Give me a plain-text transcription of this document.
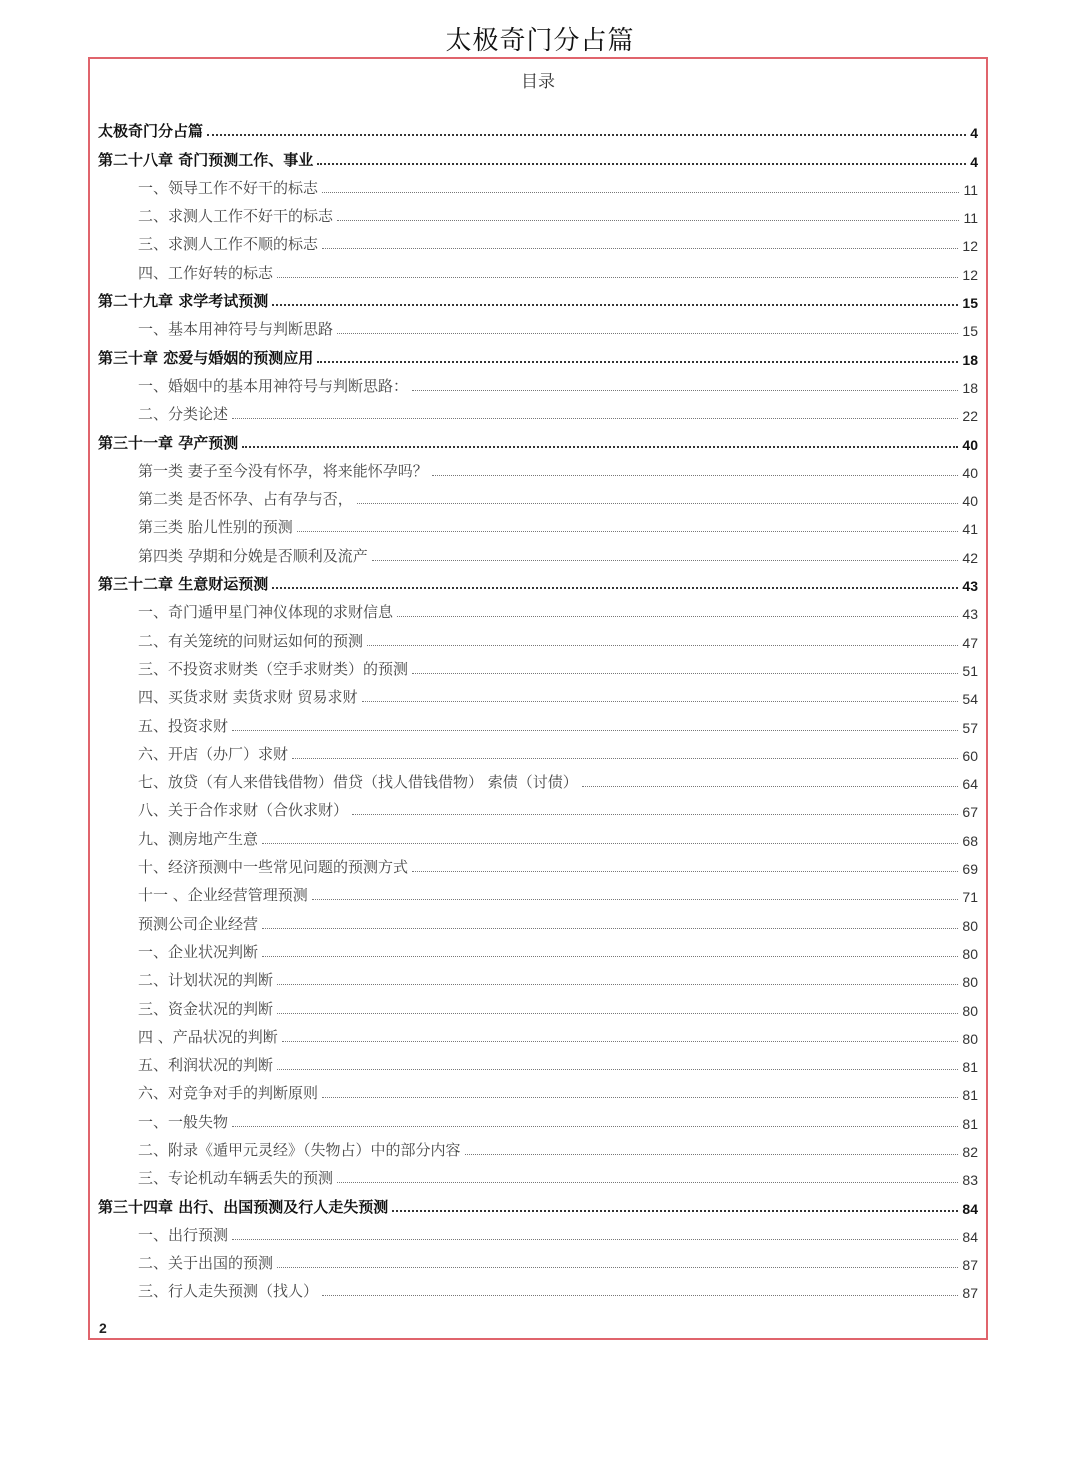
太极奇门分占篇
目录
太极奇门分占篇	4
第二十八章 奇门预测工作、事业	4
一、领导工作不好干的标志	11
二、求测人工作不好干的标志	11
三、求测人工作不顺的标志	12
四、工作好转的标志	12
第二十九章 求学考试预测	15
一、基本用神符号与判断思路	15
第三十章 恋爱与婚姻的预测应用	18
一、婚姻中的基本用神符号与判断思路：	18
二、分类论述	22
第三十一章 孕产预测	40
第一类 妻子至今没有怀孕，将来能怀孕吗？	40
第二类 是否怀孕、占有孕与否，	40
第三类 胎儿性别的预测	41
第四类 孕期和分娩是否顺利及流产	42
第三十二章 生意财运预测	43
一、奇门遁甲星门神仪体现的求财信息	43
二、有关笼统的问财运如何的预测	47
三、不投资求财类（空手求财类）的预测	51
四、买货求财 卖货求财 贸易求财	54
五、投资求财	57
六、开店（办厂）求财	60
七、放贷（有人来借钱借物）借贷（找人借钱借物） 索债（讨债）	64
八、关于合作求财（合伙求财）	67
九、测房地产生意	68
十、经济预测中一些常见问题的预测方式	69
十一 、企业经营管理预测	71
预测公司企业经营	80
一、企业状况判断	80
二、计划状况的判断	80
三、资金状况的判断	80
四 、产品状况的判断	80
五、利润状况的判断	81
六、对竞争对手的判断原则	81
一、一般失物	81
二、附录《遁甲元灵经》（失物占）中的部分内容	82
三、专论机动车辆丢失的预测	83
第三十四章 出行、出国预测及行人走失预测	84
一、出行预测	84
二、关于出国的预测	87
三、行人走失预测（找人）	87
2
